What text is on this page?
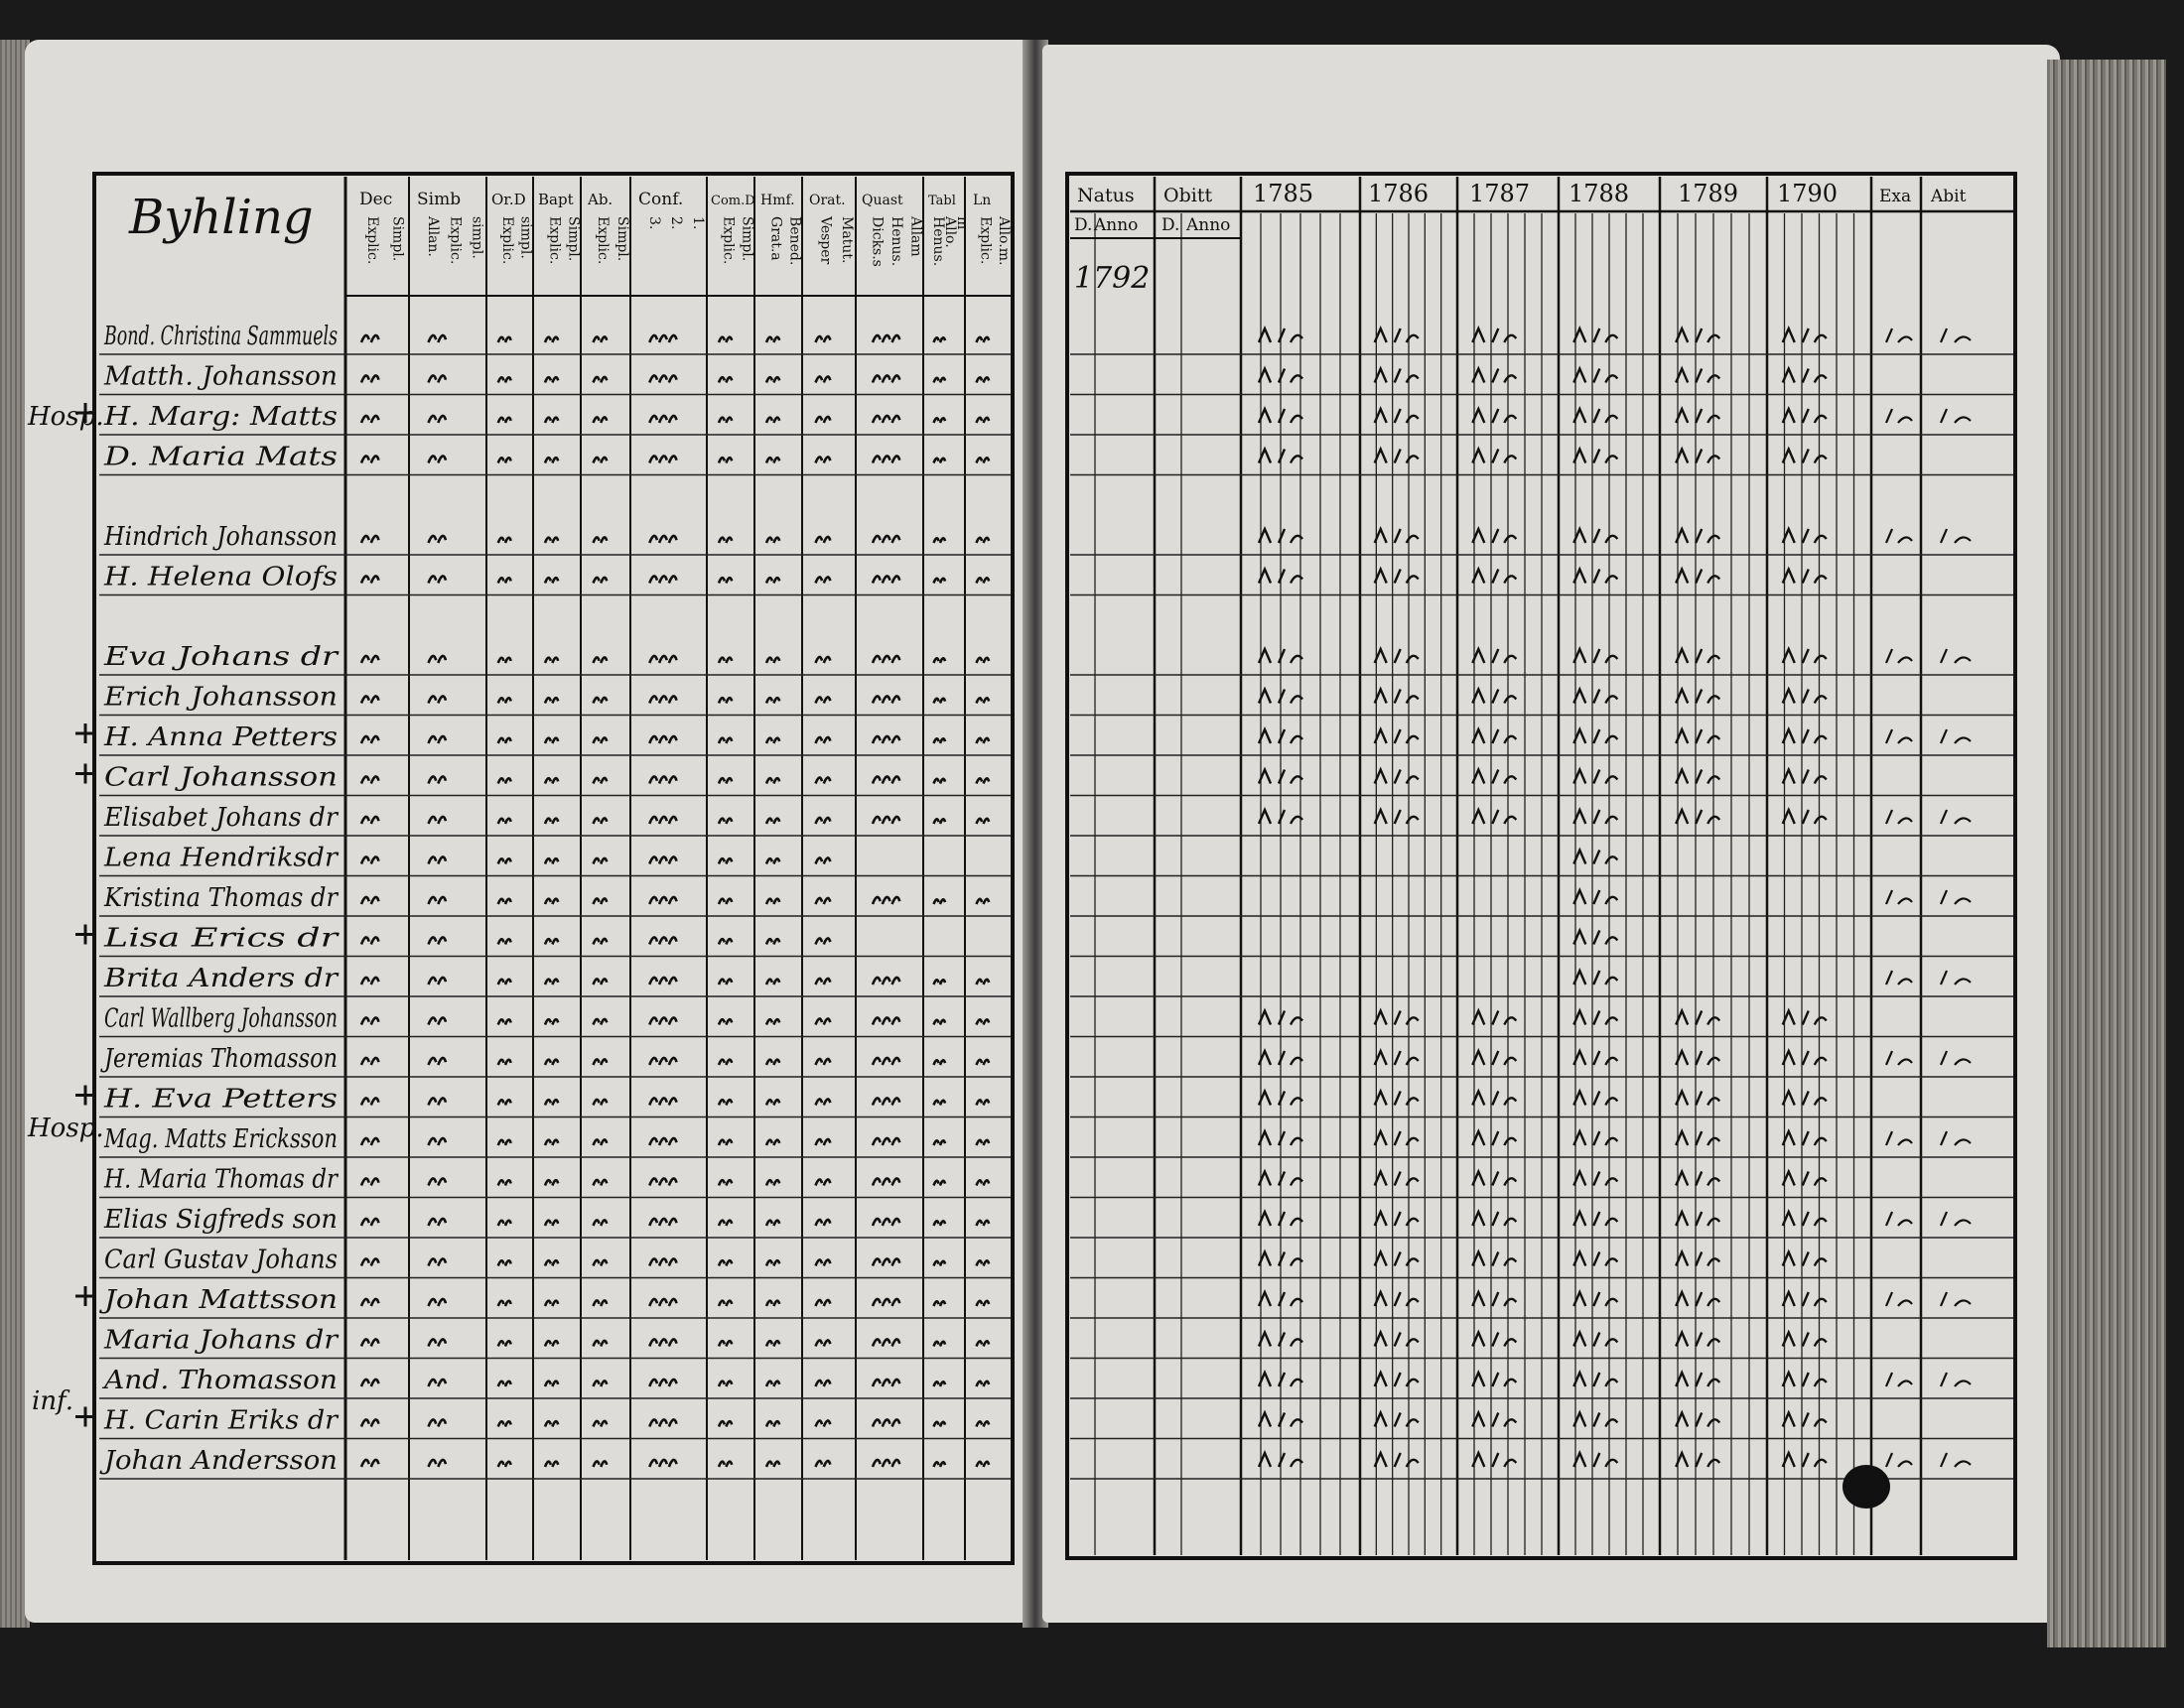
Byhling	Dec Simb Or.D Bapt Ab. Conf. Com.D Hmf. Orat. Quast Tabl Ln
Explic. Simpl. Allan. Explic. simpl. Explic. simpl. Explic. Simpl. Explic. Simpl. 3. 2. 1. Explic. Simpl. Grat.a Bened. Vesper Matut. Dicks.s Henus. Allam Henus.
Allo.
m Explic. Allo.m.
Bond. Christina Sammuels
Matth. Johansson
H. Marg: Matts
D. Maria Mats
Hindrich Johansson
H. Helena Olofs
Eva Johans dr
Erich Johansson
H. Anna Petters
Carl Johansson
Elisabet Johans dr
Lena Hendriksdr
Kristina Thomas dr
Lisa Erics dr
Brita Anders dr
Carl Wallberg Johansson
Jeremias Thomasson
H. Eva Petters
Mag. Matts Ericksson
H. Maria Thomas dr
Elias Sigfreds son
Carl Gustav Johans
Johan Mattsson
Maria Johans dr
And. Thomasson
H. Carin Eriks dr
Johan Andersson
Hosp.
Hosp.
inf.
Natus Obitt 1785 1786 1787 1788 1789 1790 Exa Abit
D. Anno D. Anno
1792
